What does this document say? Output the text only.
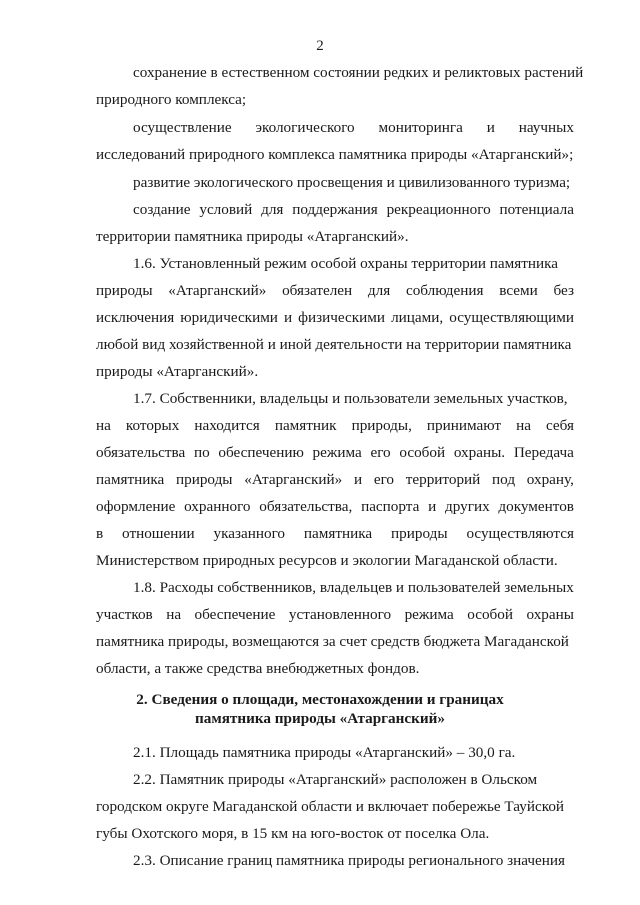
2
сохранение в естественном состоянии редких и реликтовых растений
природного комплекса;
осуществление экологического мониторинга и научных
исследований природного комплекса памятника природы «Атарганский»;
развитие экологического просвещения и цивилизованного туризма;
создание условий для поддержания рекреационного потенциала
территории памятника природы «Атарганский».
1.6. Установленный режим особой охраны территории памятника
природы «Атарганский» обязателен для соблюдения всеми без
исключения юридическими и физическими лицами, осуществляющими
любой вид хозяйственной и иной деятельности на территории памятника
природы «Атарганский».
1.7. Собственники, владельцы и пользователи земельных участков,
на которых находится памятник природы, принимают на себя
обязательства по обеспечению режима его особой охраны. Передача
памятника природы «Атарганский» и его территорий под охрану,
оформление охранного обязательства, паспорта и других документов
в отношении указанного памятника природы осуществляются
Министерством природных ресурсов и экологии Магаданской области.
1.8. Расходы собственников, владельцев и пользователей земельных
участков на обеспечение установленного режима особой охраны
памятника природы, возмещаются за счет средств бюджета Магаданской
области, а также средства внебюджетных фондов.
2. Сведения о площади, местонахождении и границах
памятника природы «Атарганский»
2.1. Площадь памятника природы «Атарганский» – 30,0 га.
2.2. Памятник природы «Атарганский» расположен в Ольском
городском округе Магаданской области и включает побережье Тауйской
губы Охотского моря, в 15 км на юго-восток от поселка Ола.
2.3. Описание границ памятника природы регионального значения
